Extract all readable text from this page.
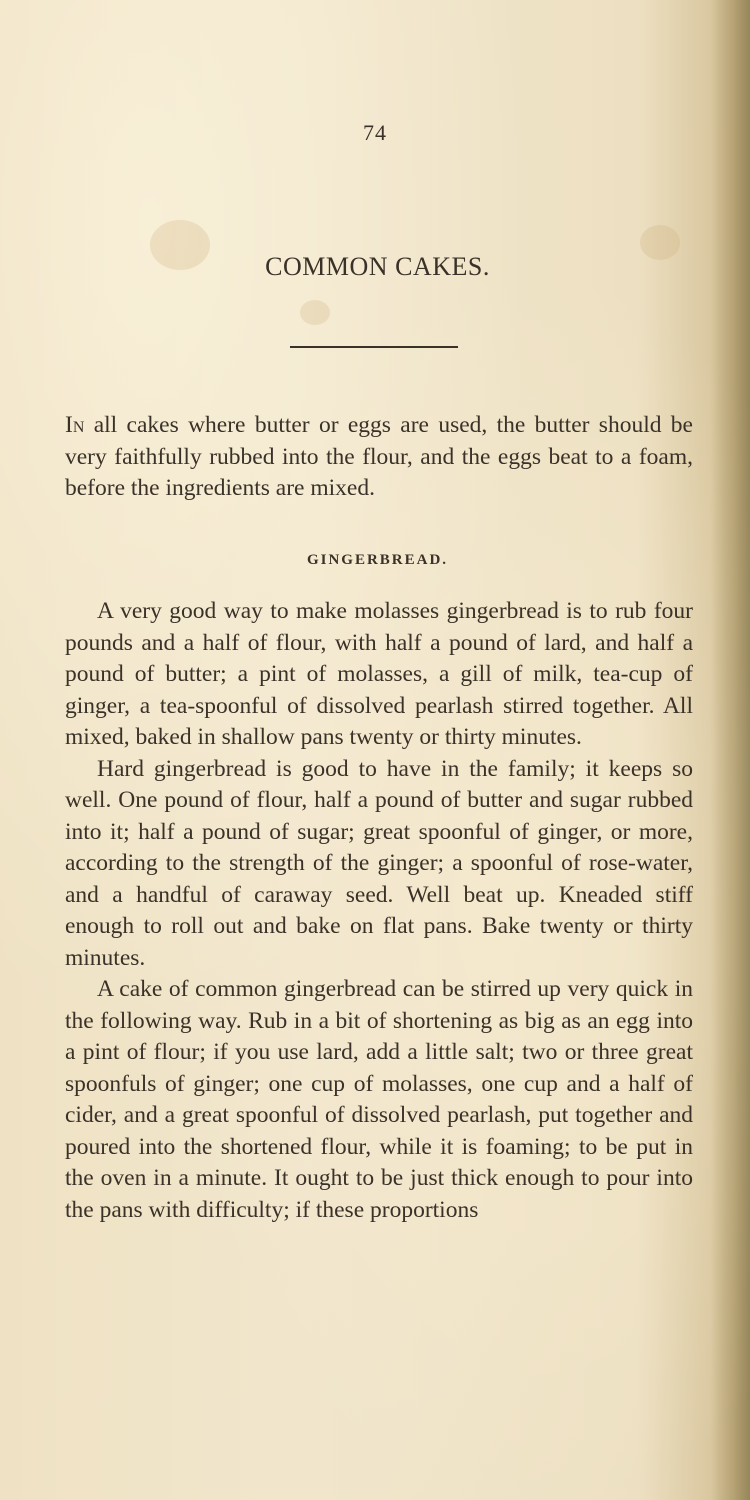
74
COMMON CAKES.
In all cakes where butter or eggs are used, the butter should be very faithfully rubbed into the flour, and the eggs beat to a foam, before the ingredients are mixed.
GINGERBREAD.

A very good way to make molasses gingerbread is to rub four pounds and a half of flour, with half a pound of lard, and half a pound of butter; a pint of molasses, a gill of milk, tea-cup of ginger, a tea-spoonful of dissolved pearlash stirred together. All mixed, baked in shallow pans twenty or thirty minutes.

Hard gingerbread is good to have in the family; it keeps so well. One pound of flour, half a pound of butter and sugar rubbed into it; half a pound of sugar; great spoonful of ginger, or more, according to the strength of the ginger; a spoonful of rose-water, and a handful of caraway seed. Well beat up. Kneaded stiff enough to roll out and bake on flat pans. Bake twenty or thirty minutes.

A cake of common gingerbread can be stirred up very quick in the following way. Rub in a bit of shortening as big as an egg into a pint of flour; if you use lard, add a little salt; two or three great spoonfuls of ginger; one cup of molasses, one cup and a half of cider, and a great spoonful of dissolved pearlash, put together and poured into the shortened flour, while it is foaming; to be put in the oven in a minute. It ought to be just thick enough to pour into the pans with difficulty; if these proportions
